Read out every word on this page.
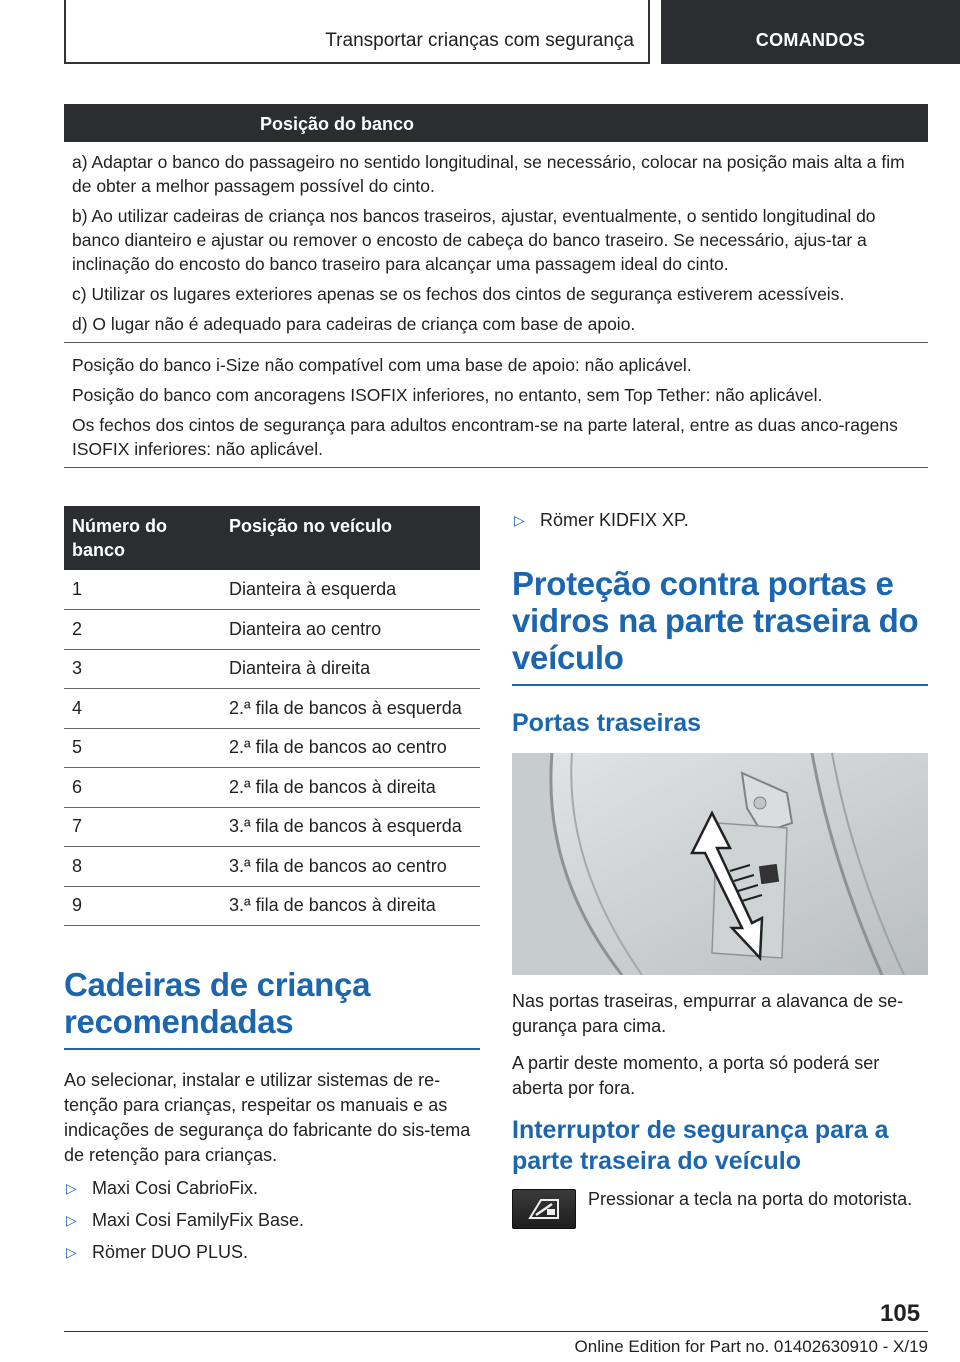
Transportar crianças com segurança	COMANDOS
Posição do banco

a) Adaptar o banco do passageiro no sentido longitudinal, se necessário, colocar na posição mais alta a fim de obter a melhor passagem possível do cinto.

b) Ao utilizar cadeiras de criança nos bancos traseiros, ajustar, eventualmente, o sentido longitudinal do banco dianteiro e ajustar ou remover o encosto de cabeça do banco traseiro. Se necessário, ajus-tar a inclinação do encosto do banco traseiro para alcançar uma passagem ideal do cinto.

c) Utilizar os lugares exteriores apenas se os fechos dos cintos de segurança estiverem acessíveis.

d) O lugar não é adequado para cadeiras de criança com base de apoio.

Posição do banco i-Size não compatível com uma base de apoio: não aplicável.

Posição do banco com ancoragens ISOFIX inferiores, no entanto, sem Top Tether: não aplicável.

Os fechos dos cintos de segurança para adultos encontram-se na parte lateral, entre as duas anco-ragens ISOFIX inferiores: não aplicável.

Número do banco	Posição no veículo
1	Dianteira à esquerda
2	Dianteira ao centro
3	Dianteira à direita
4	2.ª fila de bancos à esquerda
5	2.ª fila de bancos ao centro
6	2.ª fila de bancos à direita
7	3.ª fila de bancos à esquerda
8	3.ª fila de bancos ao centro
9	3.ª fila de bancos à direita
Cadeiras de criança recomendadas

Ao selecionar, instalar e utilizar sistemas de re-tenção para crianças, respeitar os manuais e as indicações de segurança do fabricante do sis-tema de retenção para crianças.

▷ Maxi Cosi CabrioFix.
▷ Maxi Cosi FamilyFix Base.
▷ Römer DUO PLUS.
▷ Römer KIDFIX XP.
Proteção contra portas e vidros na parte traseira do veículo
Portas traseiras

Nas portas traseiras, empurrar a alavanca de se-gurança para cima.

A partir deste momento, a porta só poderá ser aberta por fora.

Interruptor de segurança para a parte traseira do veículo

Pressionar a tecla na porta do motorista.

105
Online Edition for Part no. 01402630910 - X/19
